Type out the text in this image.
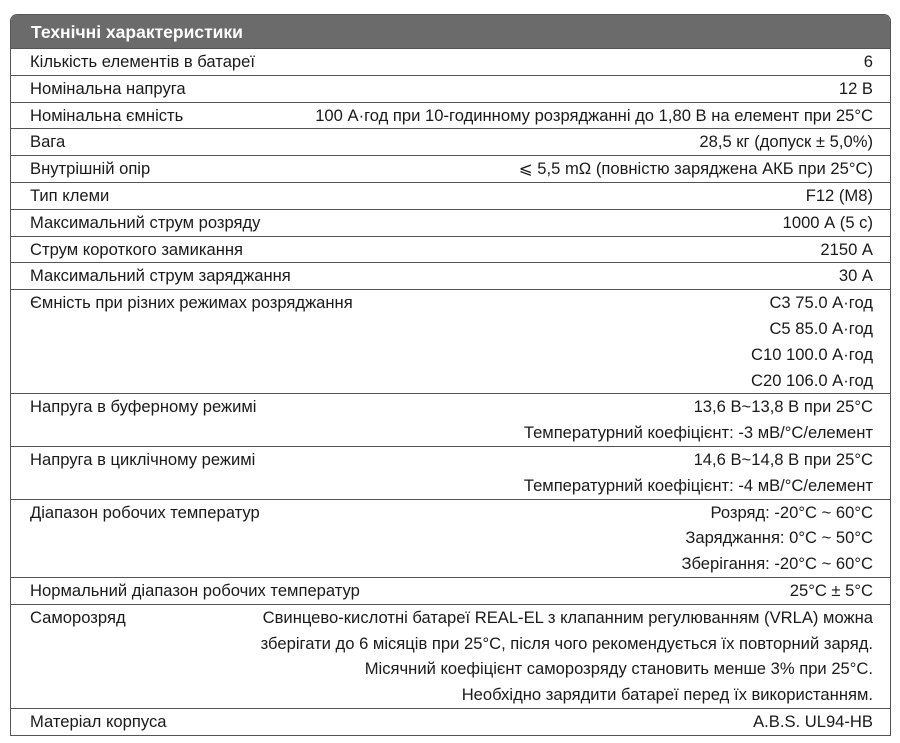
Технічні характеристики
Кількість елементів в батареї	6
Номінальна напруга	12 В
Номінальна ємність	100 А·год при 10-годинному розряджанні до 1,80 В на елемент при 25°C
Вага	28,5 кг (допуск ± 5,0%)
Внутрішній опір	⩽ 5,5 mΩ (повністю заряджена АКБ при 25°C)
Тип клеми	F12 (M8)
Максимальний струм розряду	1000 А (5 с)
Струм короткого замикання	2150 А
Максимальний струм заряджання	30 А
Ємність при різних режимах розряджання	C3 75.0 А·год
C5 85.0 А·год
C10 100.0 А·год
C20 106.0 А·год
Напруга в буферному режимі	13,6 В~13,8 В при 25°C
Температурний коефіцієнт: -3 мВ/°C/елемент
Напруга в циклічному режимі	14,6 В~14,8 В при 25°C
Температурний коефіцієнт: -4 мВ/°C/елемент
Діапазон робочих температур	Розряд: -20°C ~ 60°C
Заряджання: 0°C ~ 50°C
Зберігання: -20°C ~ 60°C
Нормальний діапазон робочих температур	25°C ± 5°C
Саморозряд	Свинцево-кислотні батареї REAL-EL з клапанним регулюванням (VRLA) можна
зберігати до 6 місяців при 25°C, після чого рекомендується їх повторний заряд.
Місячний коефіцієнт саморозряду становить менше 3% при 25°C.
Необхідно зарядити батареї перед їх використанням.
Матеріал корпуса	A.B.S. UL94-HB
